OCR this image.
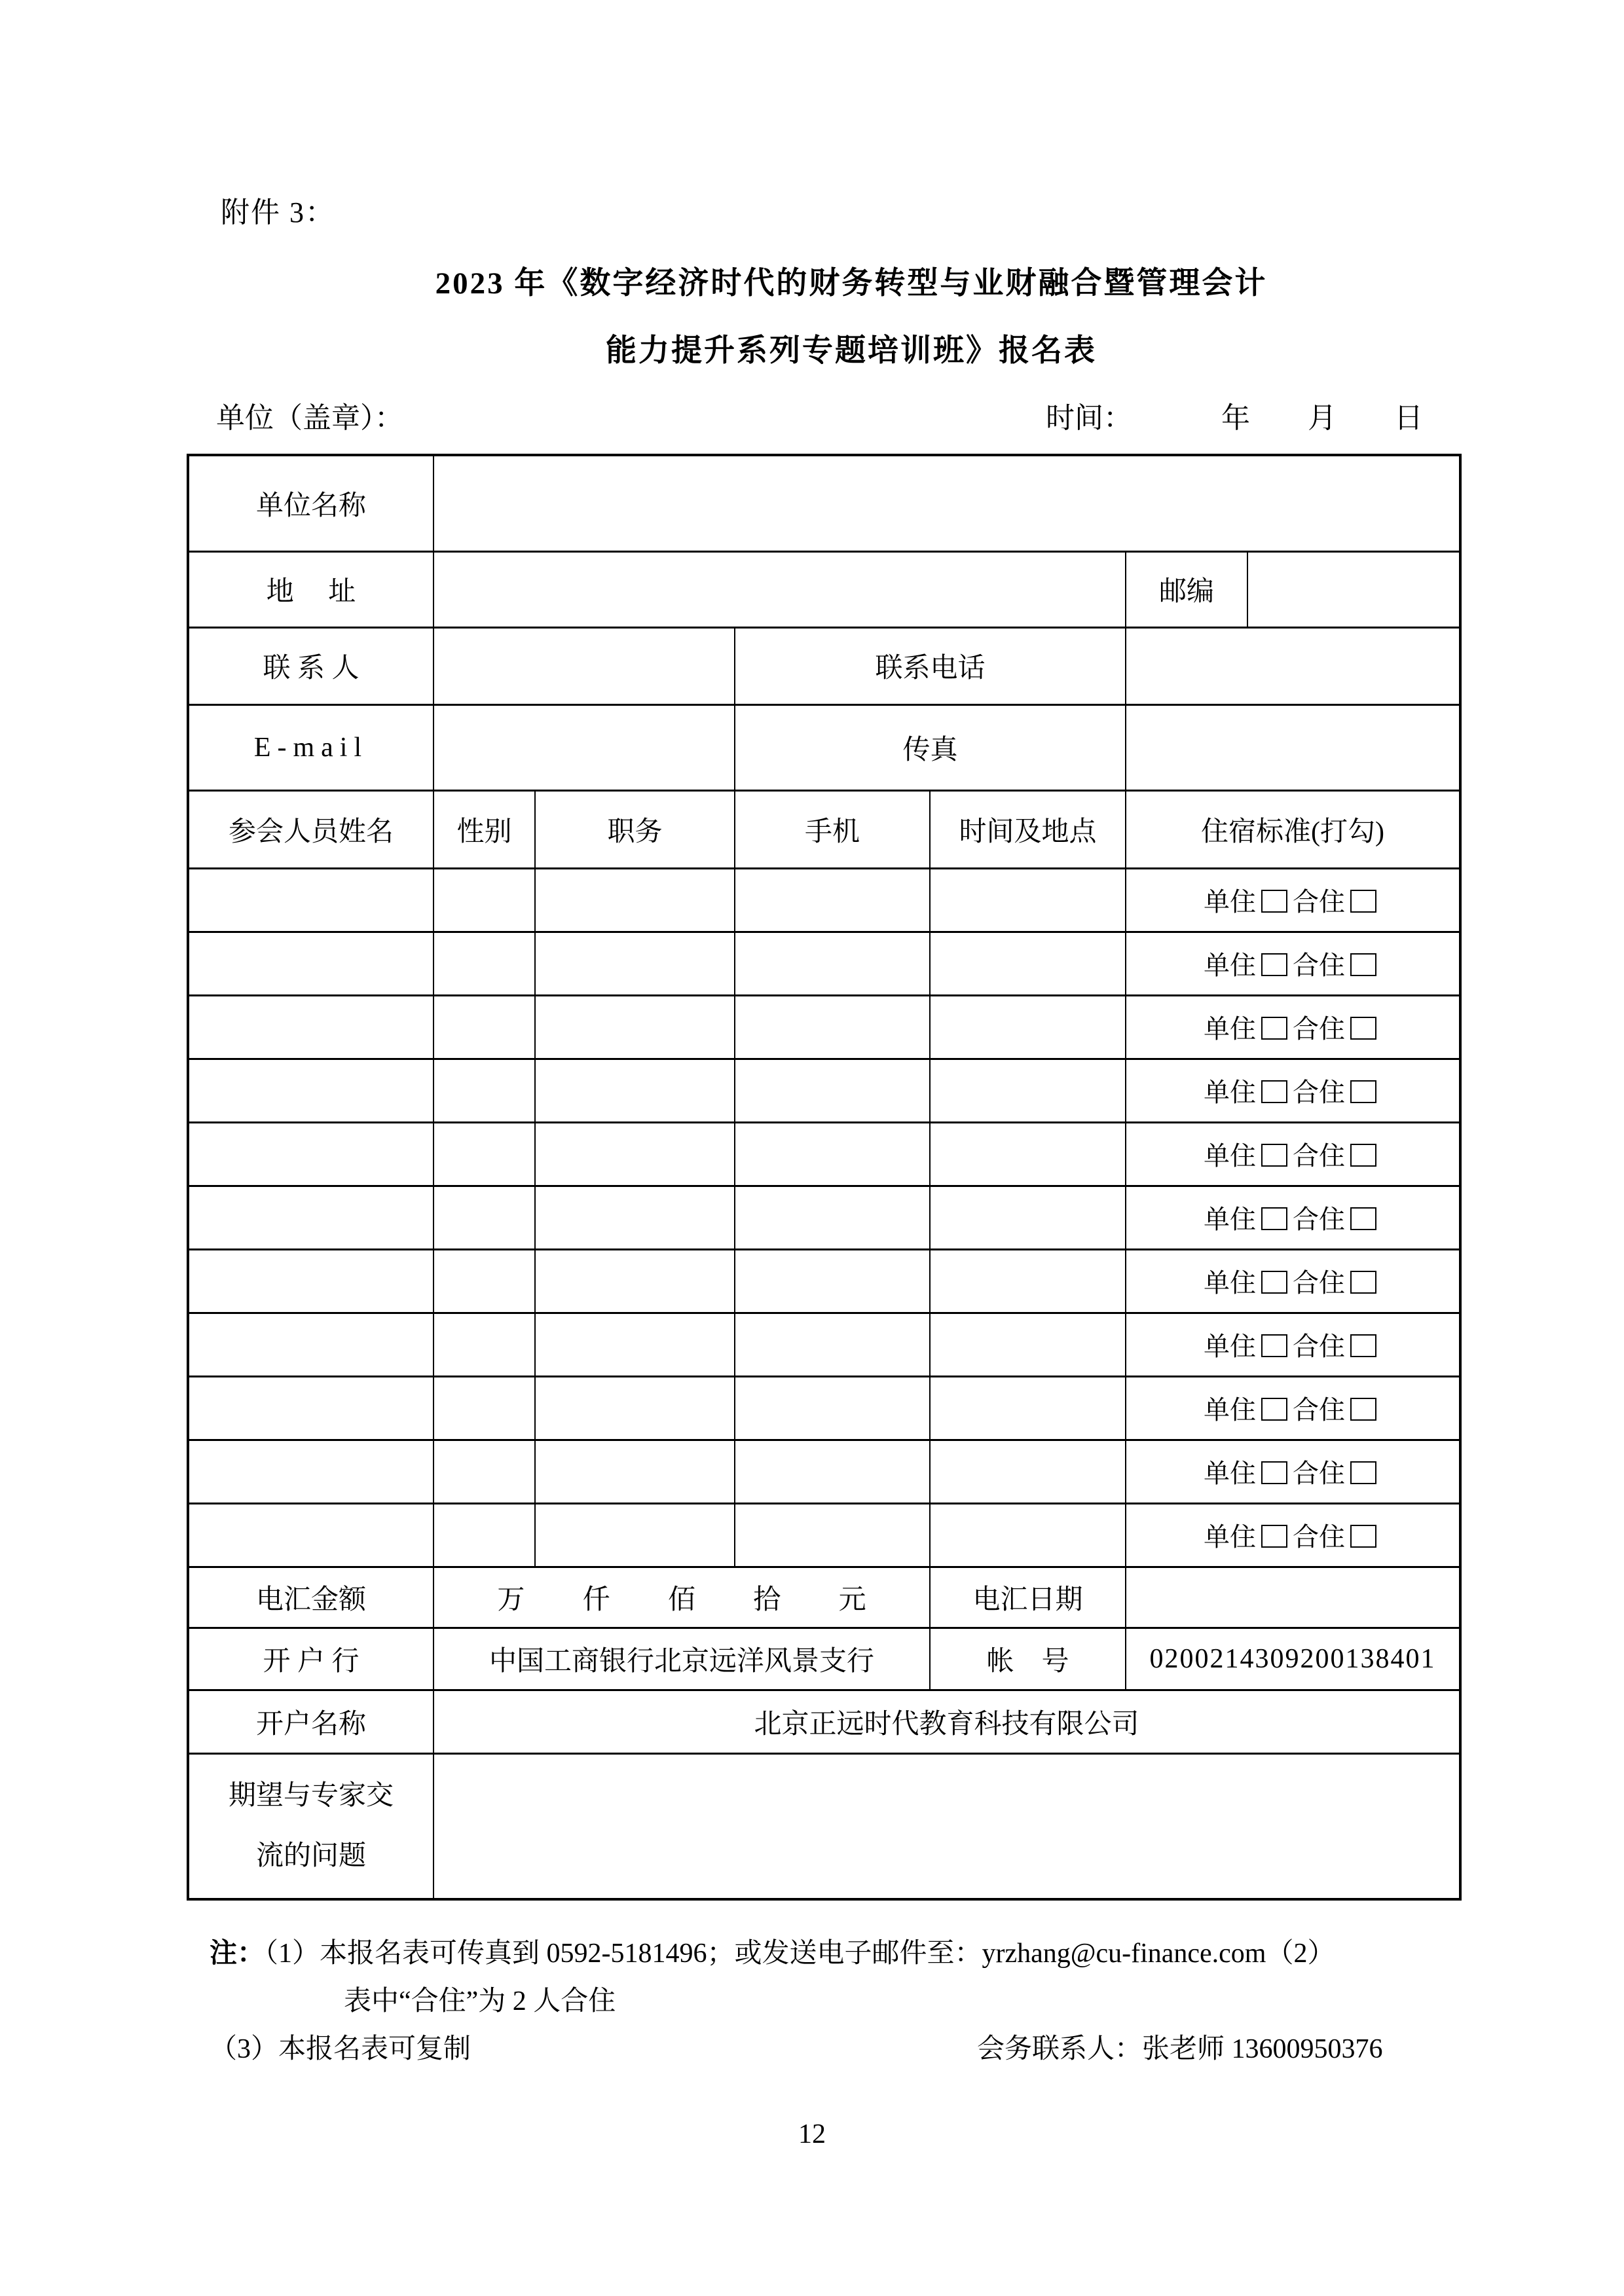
附件 3：
2023 年《数字经济时代的财务转型与业财融合暨管理会计
能力提升系列专题培训班》报名表
单位（盖章）：	时间：	年 月 日
单位名称						
地　 址					邮编	
联 系 人			联系电话			
E-mail			传真			
参会人员姓名	性别	职务	手机	时间及地点	住宿标准(打勾)	
					单住 合住	
					单住 合住	
					单住 合住	
					单住 合住	
					单住 合住	
					单住 合住	
					单住 合住	
					单住 合住	
					单住 合住	
					单住 合住	
					单住 合住	
电汇金额	万 仟 佰 拾 元			电汇日期		
开 户 行	中国工商银行北京远洋风景支行			帐　号	0200214309200138401	
开户名称	北京正远时代教育科技有限公司					

期望与专家交
流的问题						

注：（1）本报名表可传真到 0592-5181496；或发送电子邮件至：yrzhang@cu-finance.com（2）
表中“合住”为 2 人合住
（3）本报名表可复制	会务联系人：张老师 13600950376
12
